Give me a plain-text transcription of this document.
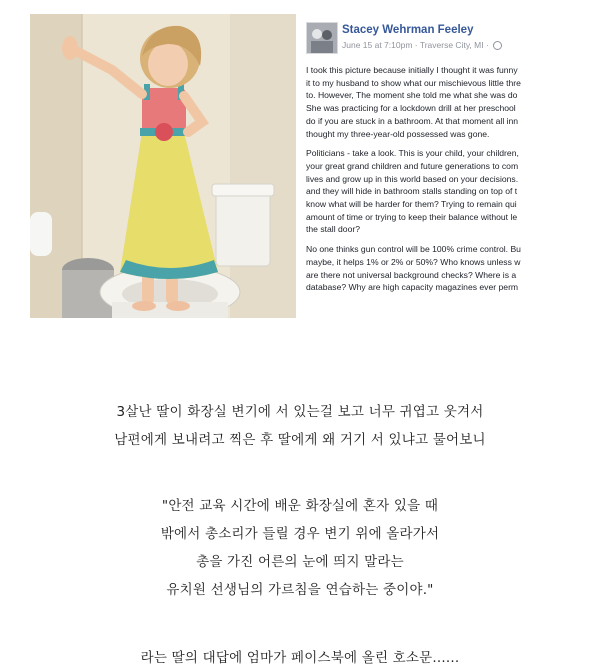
Stacey Wehrman Feeley
June 15 at 7:10pm · Traverse City, MI ·

I took this picture because initially I thought it was funny
it to my husband to show what our mischievous little thre
to. However, The moment she told me what she was do
She was practicing for a lockdown drill at her preschool
do if you are stuck in a bathroom. At that moment all inn
thought my three-year-old possessed was gone.

Politicians - take a look. This is your child, your children,
your great grand children and future generations to com
lives and grow up in this world based on your decisions.
and they will hide in bathroom stalls standing on top of t
know what will be harder for them? Trying to remain qui
amount of time or trying to keep their balance without le
the stall door?

No one thinks gun control will be 100% crime control. Bu
maybe, it helps 1% or 2% or 50%? Who knows unless w
are there not universal background checks? Where is a
database? Why are high capacity magazines ever perm

3살난 딸이 화장실 변기에 서 있는걸 보고 너무 귀엽고 웃겨서
남편에게 보내려고 찍은 후 딸에게 왜 거기 서 있냐고 물어보니
"안전 교육 시간에 배운 화장실에 혼자 있을 때
밖에서 총소리가 들릴 경우 변기 위에 올라가서
총을 가진 어른의 눈에 띄지 말라는
유치원 선생님의 가르침을 연습하는 중이야."
라는 딸의 대답에 엄마가 페이스북에 올린 호소문......
